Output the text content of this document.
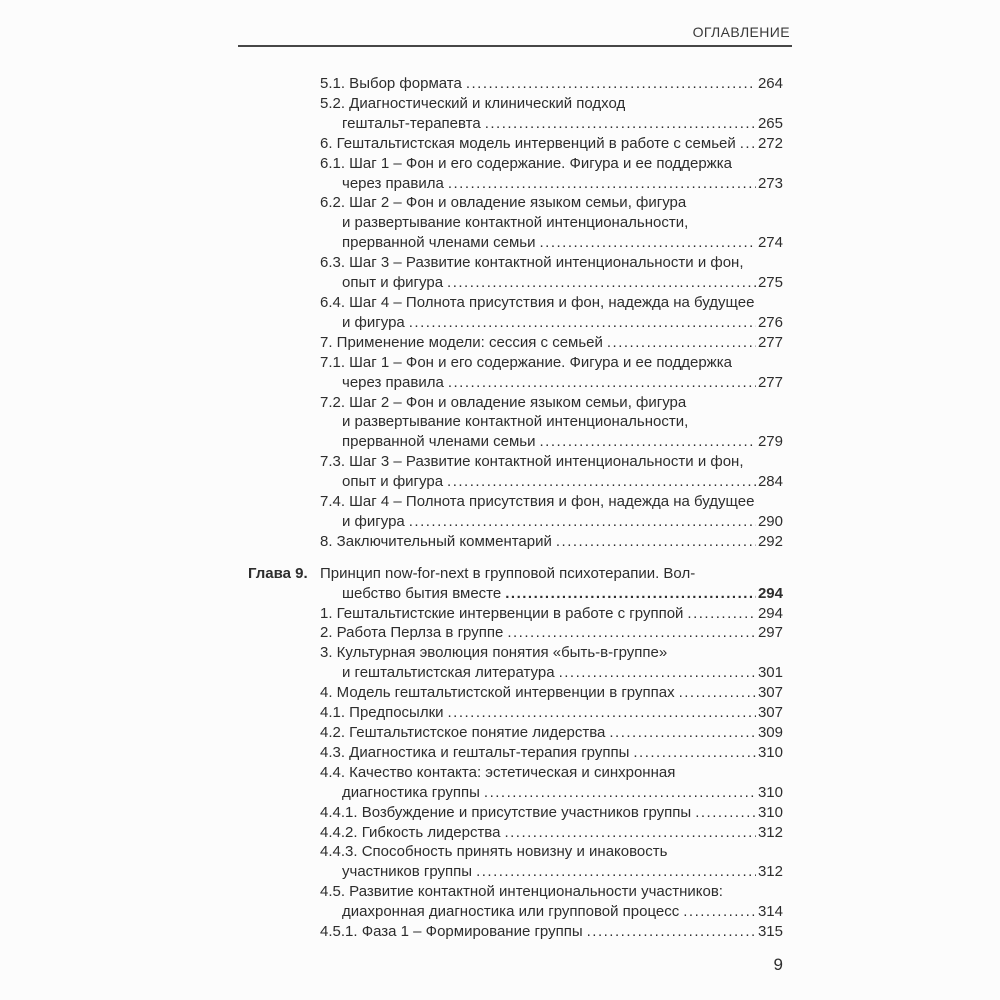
ОГЛАВЛЕНИЕ
5.1. Выбор формата .....	264
5.2. Диагностический и клинический подход
гештальт-терапевта .....	265
6. Гештальтистская модель интервенций в работе с семьей ..... 272
6.1. Шаг 1 – Фон и его содержание. Фигура и ее поддержка
через правила .....	273
6.2. Шаг 2 – Фон и овладение языком семьи, фигура
и развертывание контактной интенциональности,
прерванной членами семьи .....	274
6.3. Шаг 3 – Развитие контактной интенциональности и фон,
опыт и фигура .....	275
6.4. Шаг 4 – Полнота присутствия и фон, надежда на будущее
и фигура .....	276
7. Применение модели: сессия с семьей .....	277
7.1. Шаг 1 – Фон и его содержание. Фигура и ее поддержка
через правила .....	277
7.2. Шаг 2 – Фон и овладение языком семьи, фигура
и развертывание контактной интенциональности,
прерванной членами семьи .....	279
7.3. Шаг 3 – Развитие контактной интенциональности и фон,
опыт и фигура .....	284
7.4. Шаг 4 – Полнота присутствия и фон, надежда на будущее
и фигура .....	290
8. Заключительный комментарий .....	292
Глава 9. Принцип now-for-next в групповой психотерапии. Вол-
шебство бытия вместе .....	294
1. Гештальтистские интервенции в работе с группой .....	294
2. Работа Перлза в группе .....	297
3. Культурная эволюция понятия «быть-в-группе»
и гештальтистская литература .....	301
4. Модель гештальтистской интервенции в группах .....	307
4.1. Предпосылки .....	307
4.2. Гештальтистское понятие лидерства .....	309
4.3. Диагностика и гештальт-терапия группы .....	310
4.4. Качество контакта: эстетическая и синхронная
диагностика группы .....	310
4.4.1. Возбуждение и присутствие участников группы .....	310
4.4.2. Гибкость лидерства .....	312
4.4.3. Способность принять новизну и инаковость
участников группы .....	312
4.5. Развитие контактной интенциональности участников:
диахронная диагностика или групповой процесс .....	314
4.5.1. Фаза 1 – Формирование группы .....	315
9
